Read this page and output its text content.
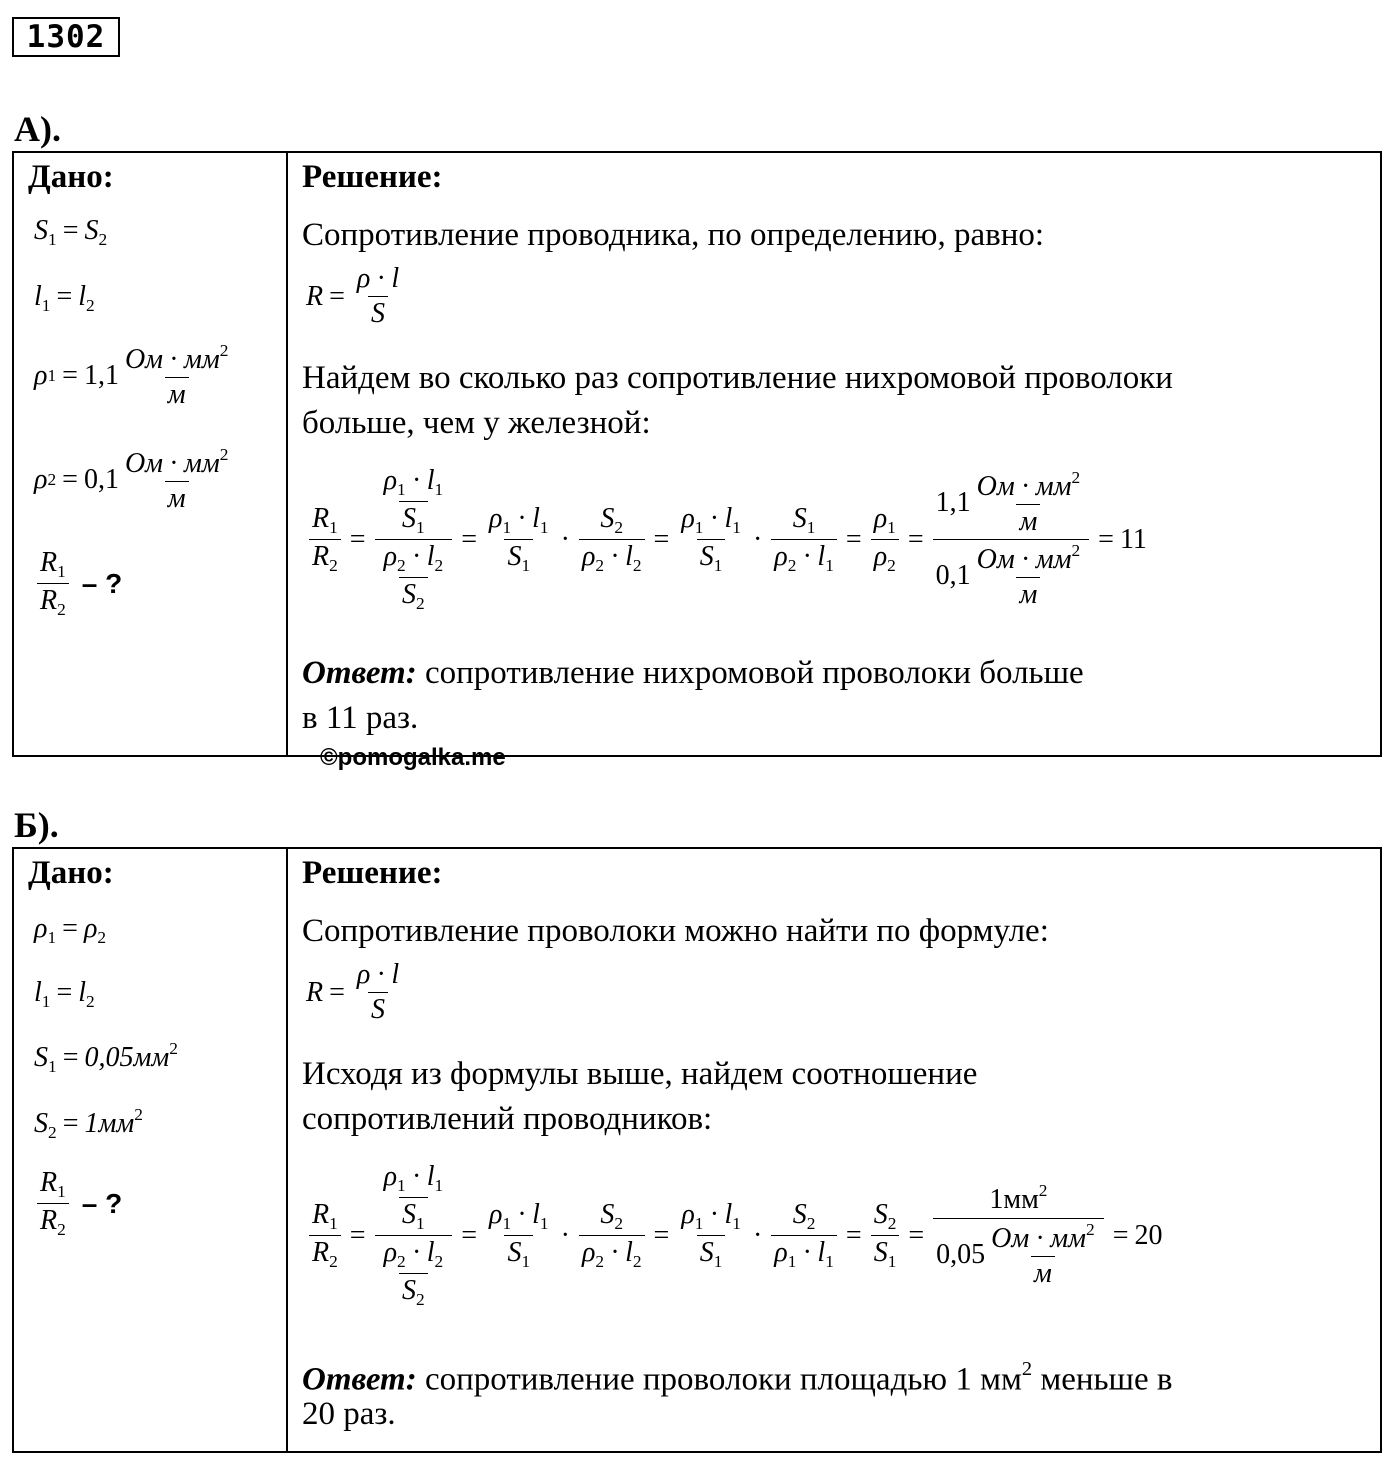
1302
А).
Дано:
$S_1 = S_2$
$l_1 = l_2$
ρ $1 = 1,1 \frac{Ом \cdot мм^2}{м}$
ρ $2 = 0,1 \frac{Ом \cdot мм^2}{м}$
$\frac{R_1}{R_2}$ – ?
Решение:
Сопротивление проводника, по определению, равно:
$R = \frac{\rho \cdot l}{S}$
Найдем во сколько раз сопротивление нихромовой проволоки
больше, чем у железной:
$\frac{R_1}{R_2} = \frac{\frac{\rho_1 \cdot l_1}{S_1}}{\frac{\rho_2 \cdot l_2}{S_2}} = \frac{\rho_1 \cdot l_1}{S_1} \cdot \frac{S_2}{\rho_2 \cdot l_2} = \frac{\rho_1 \cdot l_1}{S_1} \cdot \frac{S_1}{\rho_2 \cdot l_1} = \frac{\rho_1}{\rho_2} = \frac{1,1 \frac{Ом \cdot мм^2}{м}}{0,1 \frac{Ом \cdot мм^2}{м}} = 11$
Ответ: сопротивление нихромовой проволоки больше
в 11 раз.
©pomogalka.me
Б).
Дано:
$\rho_1 = \rho_2$
$l_1 = l_2$
$S_1 = 0,05мм^2$
$S_2 = 1мм^2$
$\frac{R_1}{R_2}$ – ?
Решение:
Сопротивление проволоки можно найти по формуле:
$R = \frac{\rho \cdot l}{S}$
Исходя из формулы выше, найдем соотношение
сопротивлений проводников:
$\frac{R_1}{R_2} = \frac{\frac{\rho_1 \cdot l_1}{S_1}}{\frac{\rho_2 \cdot l_2}{S_2}} = \frac{\rho_1 \cdot l_1}{S_1} \cdot \frac{S_2}{\rho_2 \cdot l_2} = \frac{\rho_1 \cdot l_1}{S_1} \cdot \frac{S_2}{\rho_1 \cdot l_1} = \frac{S_2}{S_1} = \frac{1мм^2}{0,05 \frac{Ом \cdot мм^2}{м}} = 20$
Ответ: сопротивление проволоки площадью 1 $мм^2$ меньше в
20 раз.
